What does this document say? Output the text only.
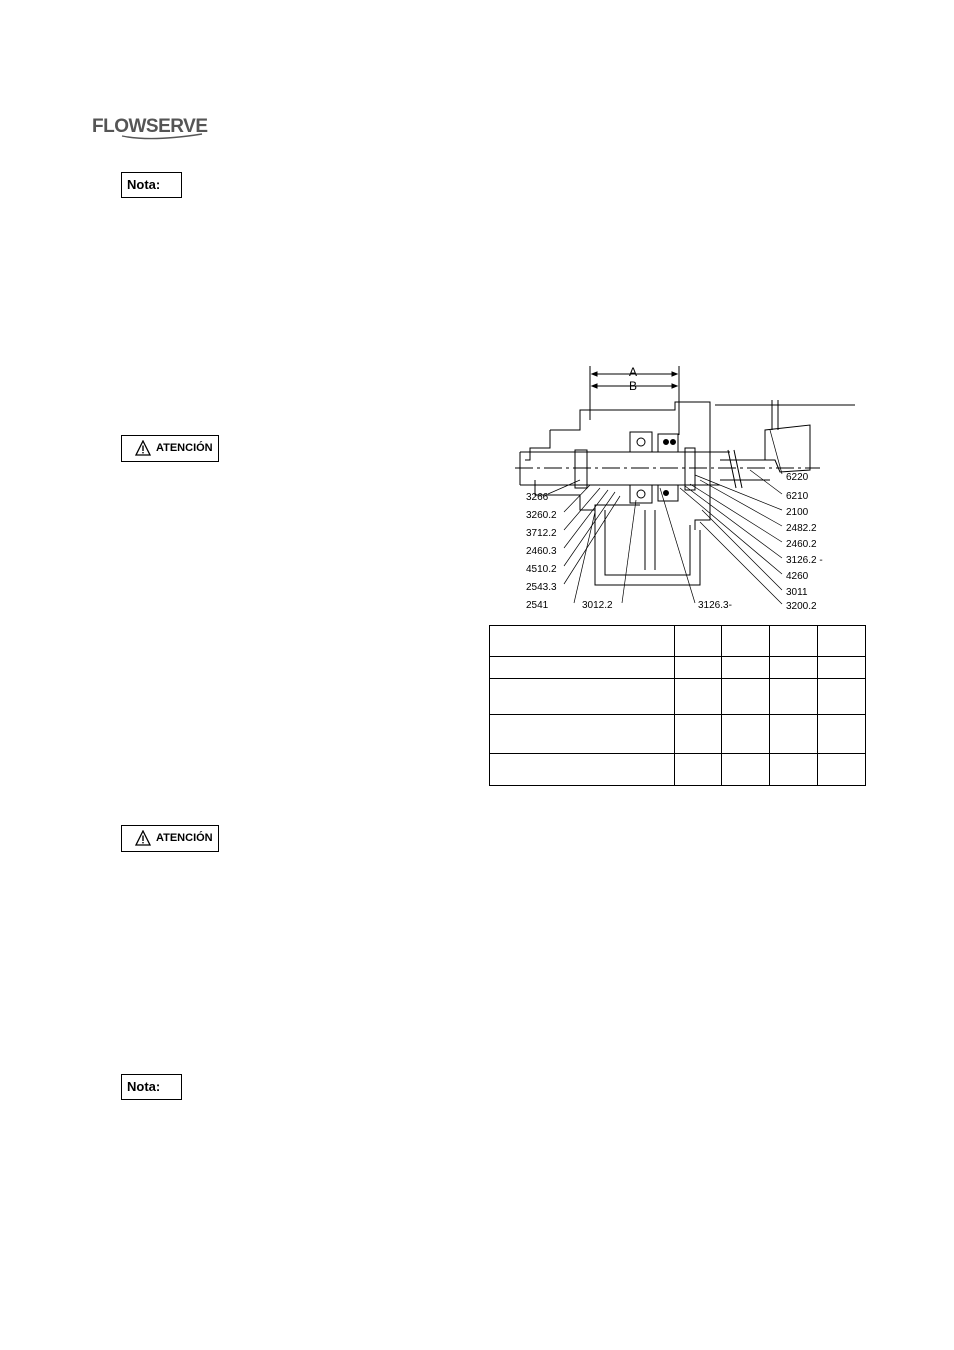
FLOWSERVE
Nota:
Nota:
ATENCIÓN
ATENCIÓN
A
B
3266
3260.2
3712.2
2460.3
4510.2
2543.3
2541	3012.2	3126.3-
6220
6210
2100
2482.2
2460.2
3126.2 -
4260
3011
3200.2
